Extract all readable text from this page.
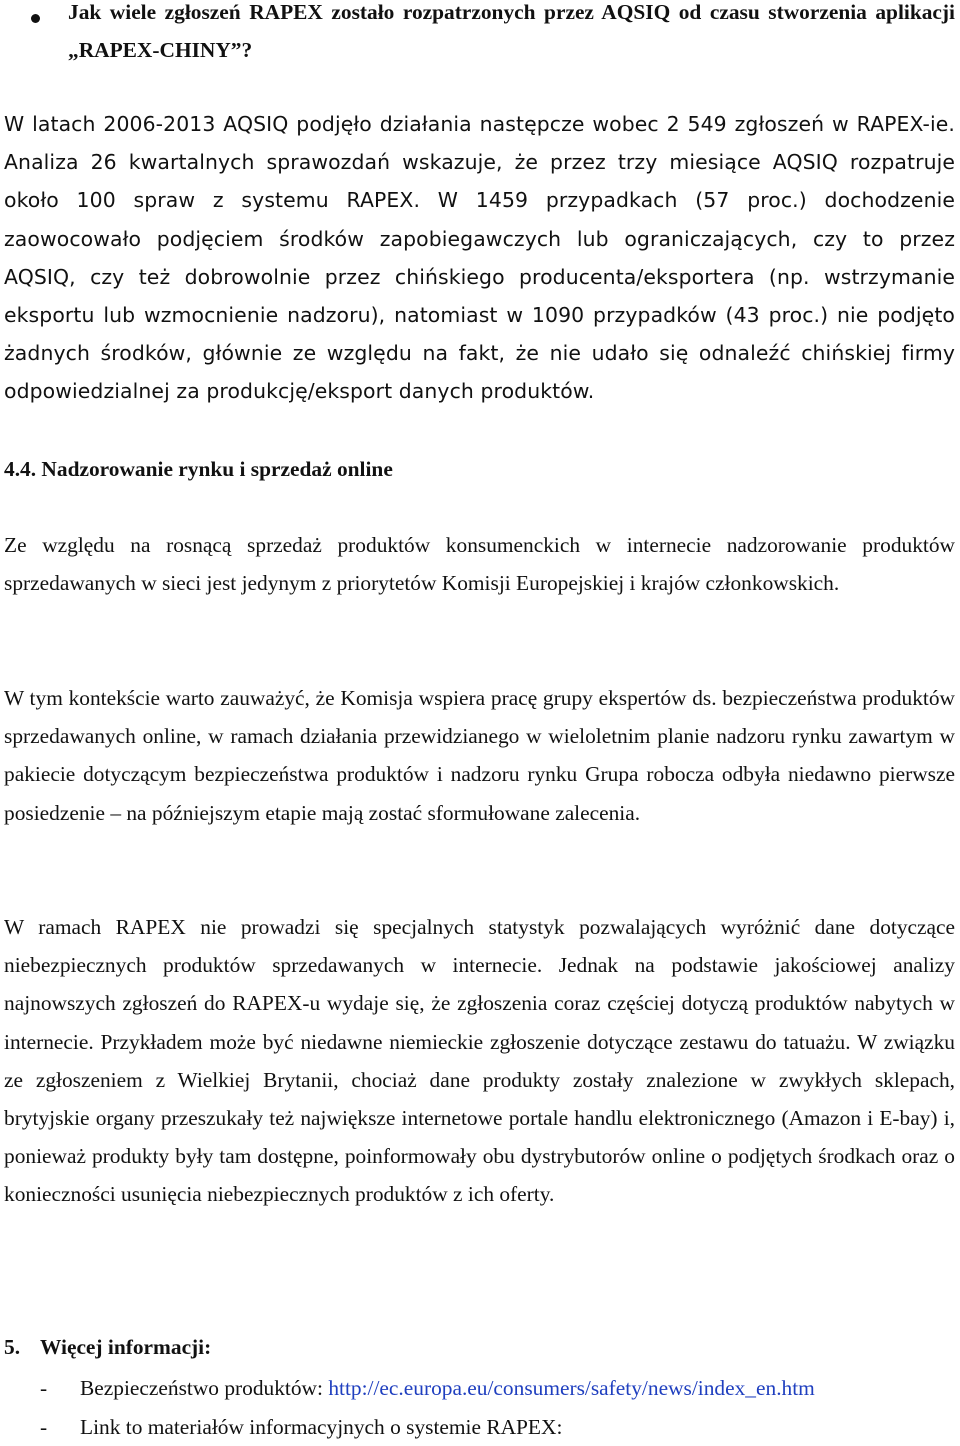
Jak wiele zgłoszeń RAPEX zostało rozpatrzonych przez AQSIQ od czasu stworzenia aplikacji „RAPEX-CHINY”?

W latach 2006-2013 AQSIQ podjęło działania następcze wobec 2 549 zgłoszeń w RAPEX-ie. Analiza 26 kwartalnych sprawozdań wskazuje, że przez trzy miesiące AQSIQ rozpatruje około 100 spraw z systemu RAPEX. W 1459 przypadkach (57 proc.) dochodzenie zaowocowało podjęciem środków zapobiegawczych lub ograniczających, czy to przez AQSIQ, czy też dobrowolnie przez chińskiego producenta/eksportera (np. wstrzymanie eksportu lub wzmocnienie nadzoru), natomiast w 1090 przypadków (43 proc.) nie podjęto żadnych środków, głównie ze względu na fakt, że nie udało się odnaleźć chińskiej firmy odpowiedzialnej za produkcję/eksport danych produktów.

4.4. Nadzorowanie rynku i sprzedaż online

Ze względu na rosnącą sprzedaż produktów konsumenckich w internecie nadzorowanie produktów sprzedawanych w sieci jest jedynym z priorytetów Komisji Europejskiej i krajów członkowskich.

W tym kontekście warto zauważyć, że Komisja wspiera pracę grupy ekspertów ds. bezpieczeństwa produktów sprzedawanych online, w ramach działania przewidzianego w wieloletnim planie nadzoru rynku zawartym w pakiecie dotyczącym bezpieczeństwa produktów i nadzoru rynku Grupa robocza odbyła niedawno pierwsze posiedzenie – na późniejszym etapie mają zostać sformułowane zalecenia.

W ramach RAPEX nie prowadzi się specjalnych statystyk pozwalających wyróżnić dane dotyczące niebezpiecznych produktów sprzedawanych w internecie. Jednak na podstawie jakościowej analizy najnowszych zgłoszeń do RAPEX-u wydaje się, że zgłoszenia coraz częściej dotyczą produktów nabytych w internecie. Przykładem może być niedawne niemieckie zgłoszenie dotyczące zestawu do tatuażu. W związku ze zgłoszeniem z Wielkiej Brytanii, chociaż dane produkty zostały znalezione w zwykłych sklepach, brytyjskie organy przeszukały też największe internetowe portale handlu elektronicznego (Amazon i E-bay) i, ponieważ produkty były tam dostępne, poinformowały obu dystrybutorów online o podjętych środkach oraz o konieczności usunięcia niebezpiecznych produktów z ich oferty.

5. Więcej informacji:
- Bezpieczeństwo produktów: http://ec.europa.eu/consumers/safety/news/index_en.htm
- Link to materiałów informacyjnych o systemie RAPEX:
